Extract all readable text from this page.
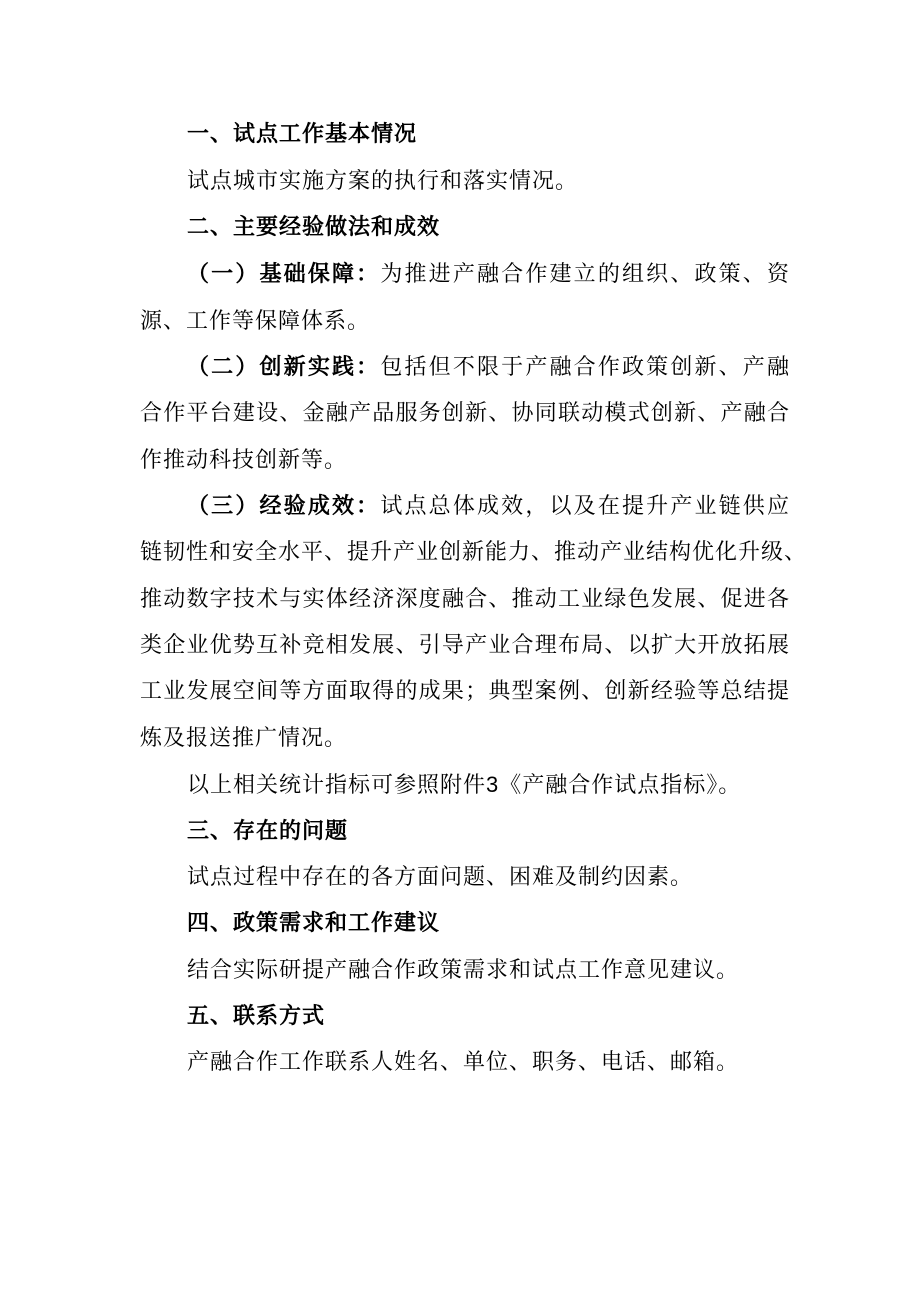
一、试点工作基本情况
试点城市实施方案的执行和落实情况。
二、主要经验做法和成效
（一）基础保障：为推进产融合作建立的组织、政策、资
源、工作等保障体系。
（二）创新实践：包括但不限于产融合作政策创新、产融
合作平台建设、金融产品服务创新、协同联动模式创新、产融合
作推动科技创新等。
（三）经验成效：试点总体成效，以及在提升产业链供应
链韧性和安全水平、提升产业创新能力、推动产业结构优化升级、
推动数字技术与实体经济深度融合、推动工业绿色发展、促进各
类企业优势互补竞相发展、引导产业合理布局、以扩大开放拓展
工业发展空间等方面取得的成果；典型案例、创新经验等总结提
炼及报送推广情况。
以上相关统计指标可参照附件3《产融合作试点指标》。
三、存在的问题
试点过程中存在的各方面问题、困难及制约因素。
四、政策需求和工作建议
结合实际研提产融合作政策需求和试点工作意见建议。
五、联系方式
产融合作工作联系人姓名、单位、职务、电话、邮箱。
